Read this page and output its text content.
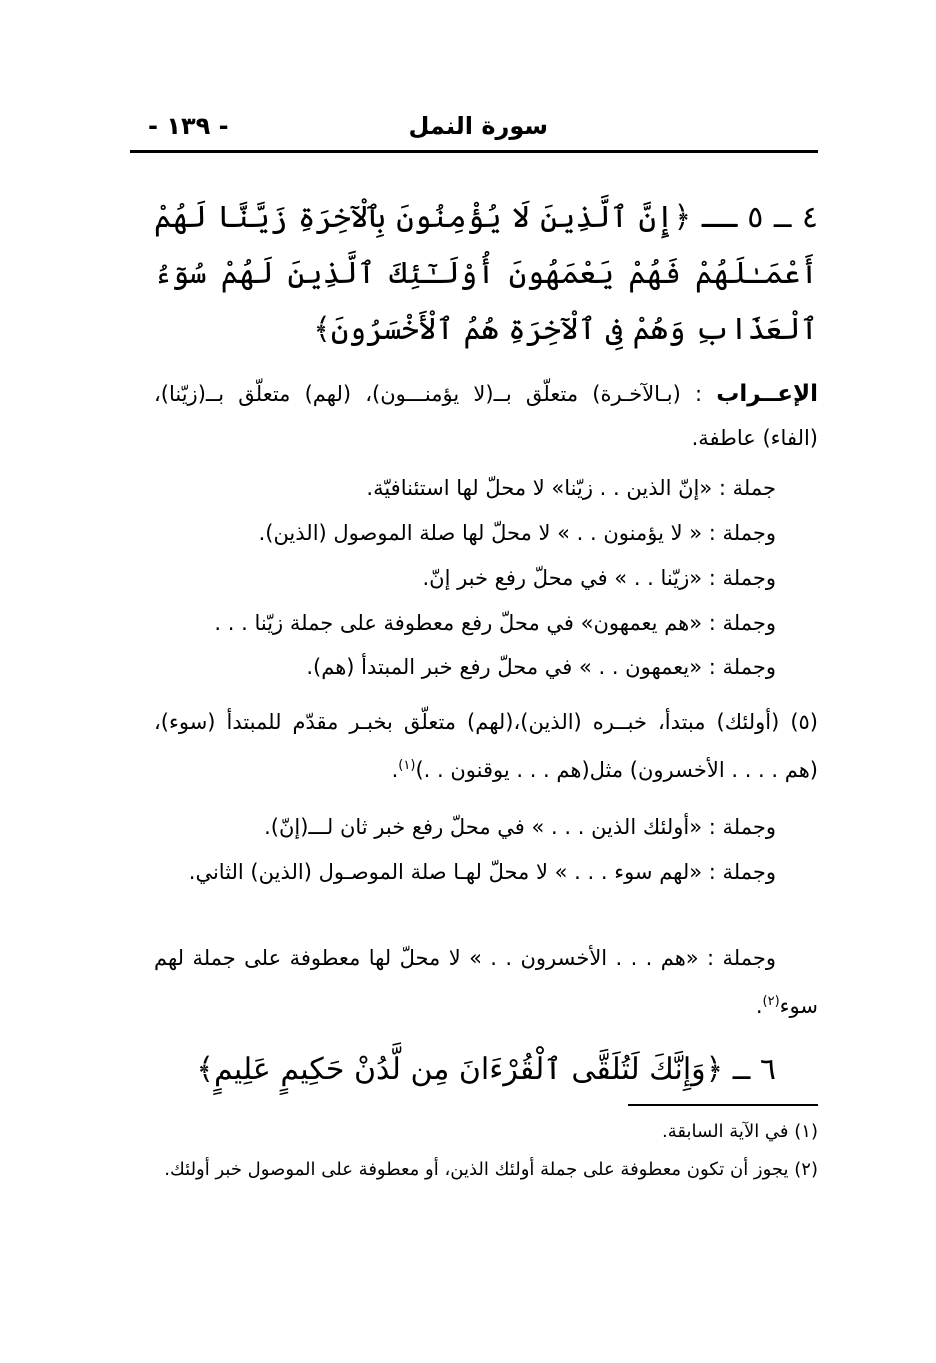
سورة النمل
- ١٣٩ -
٤ ــ ٥ ــ ﴿إِنَّ ٱلَّذِينَ لَا يُؤْمِنُونَ بِٱلْآخِرَةِ زَيَّنَّا لَهُمْ أَعْمَـٰلَهُمْ فَهُمْ يَعْمَهُونَ أُوْلَـٰٓئِكَ ٱلَّذِينَ لَهُمْ سُوٓءُ ٱلْعَذَابِ وَهُمْ فِى ٱلْآخِرَةِ هُمُ ٱلْأَخْسَرُونَ﴾
الإعــراب : (بـالآخـرة) متعلّق بــ(لا يؤمنـــون)، (لهم) متعلّق بــ(زيّنا)، (الفاء) عاطفة.
جملة : «إنّ الذين . . زيّنا» لا محلّ لها استئنافيّة.
وجملة : « لا يؤمنون . . » لا محلّ لها صلة الموصول (الذين).
وجملة : «زيّنا . . » في محلّ رفع خبر إنّ.
وجملة : «هم يعمهون» في محلّ رفع معطوفة على جملة زيّنا . . .
وجملة : «يعمهون . . » في محلّ رفع خبر المبتدأ (هم).
(٥) (أولئك) مبتدأ، خبــره (الذين)،(لهم) متعلّق بخبـر مقدّم للمبتدأ (سوء)، (هم . . . . الأخسرون) مثل(هم . . . يوقنون . .)$^{(١)}$.
وجملة : «أولئك الذين . . . » في محلّ رفع خبر ثان لـــ(إنّ).
وجملة : «لهم سوء . . . » لا محلّ لهـا صلة الموصـول (الذين) الثاني.
وجملة : «هم . . . الأخسرون . . » لا محلّ لها معطوفة على جملة لهم سوء$^{(٢)}$.
٦ ــ ﴿وَإِنَّكَ لَتُلَقَّى ٱلْقُرْءَانَ مِن لَّدُنْ حَكِيمٍ عَلِيمٍ﴾
(١) في الآية السابقة.
(٢) يجوز أن تكون معطوفة على جملة أولئك الذين، أو معطوفة على الموصول خبر أولئك.
